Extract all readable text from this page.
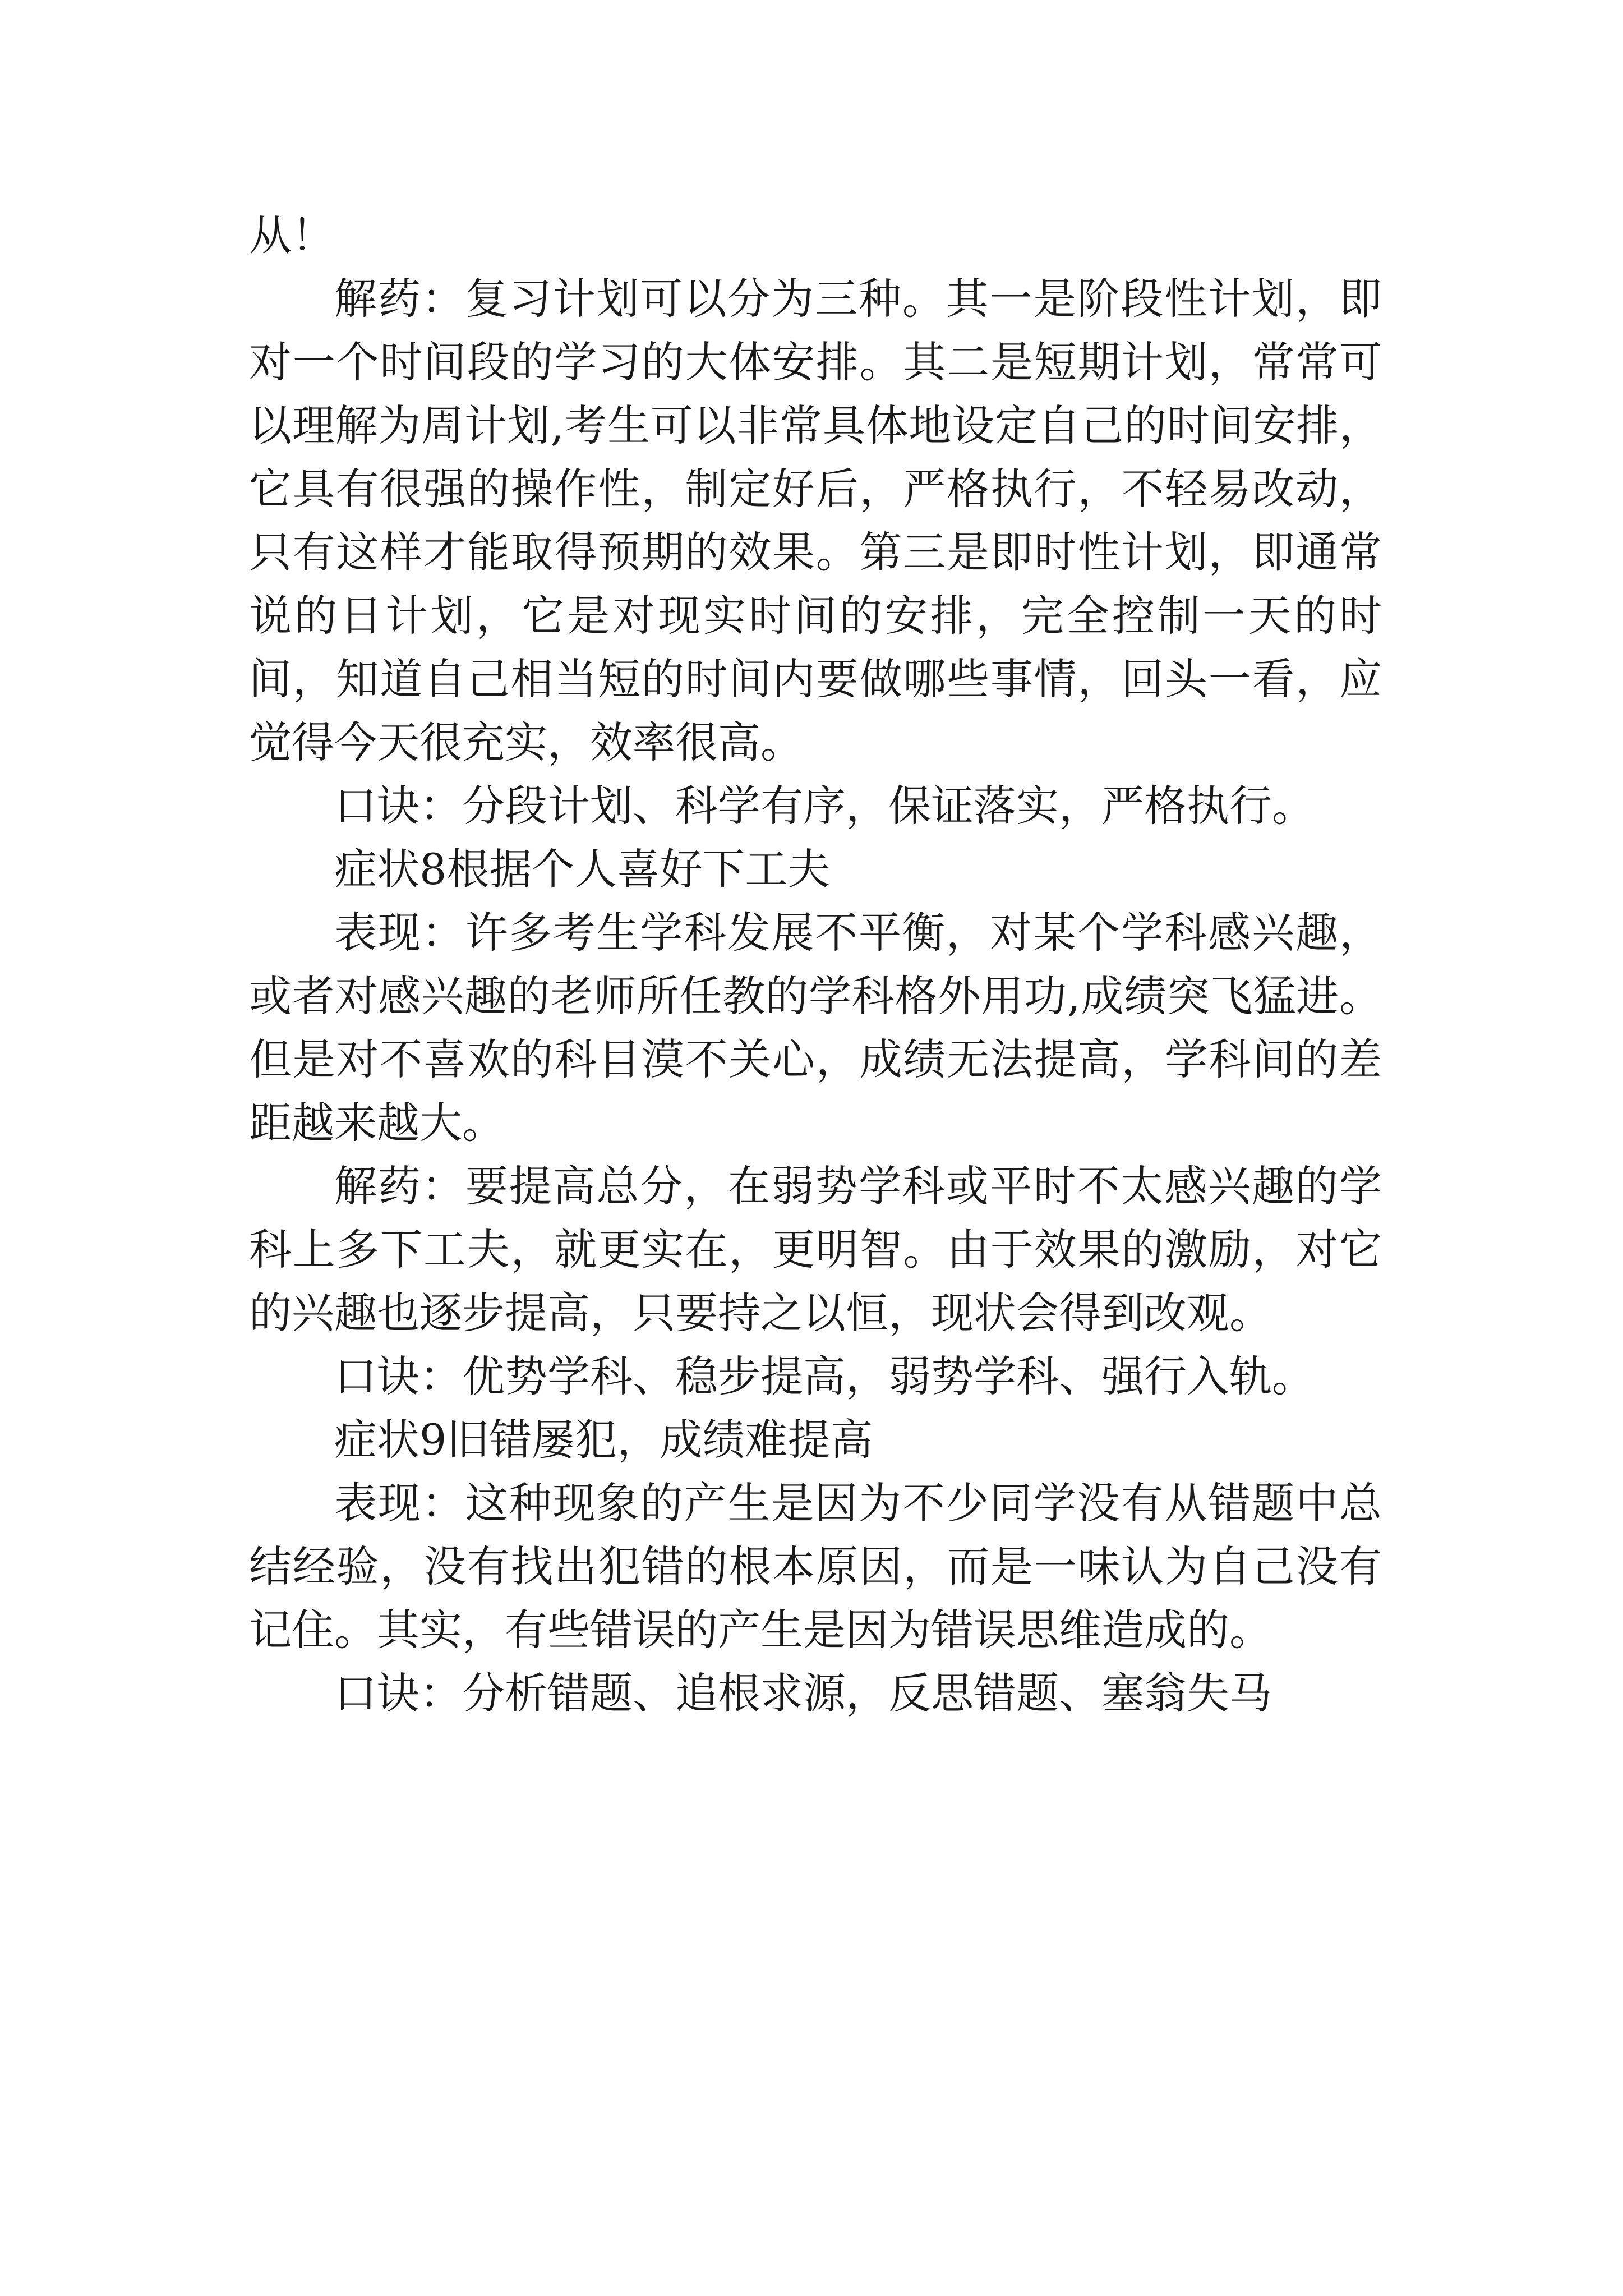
从！

解药：复习计划可以分为三种。其一是阶段性计划，即对一个时间段的学习的大体安排。其二是短期计划，常常可以理解为周计划,考生可以非常具体地设定自己的时间安排，它具有很强的操作性，制定好后，严格执行，不轻易改动，只有这样才能取得预期的效果。第三是即时性计划，即通常说的日计划，它是对现实时间的安排，完全控制一天的时间，知道自己相当短的时间内要做哪些事情，回头一看，应觉得今天很充实，效率很高。

口诀：分段计划、科学有序，保证落实，严格执行。

症状8根据个人喜好下工夫

表现：许多考生学科发展不平衡，对某个学科感兴趣，或者对感兴趣的老师所任教的学科格外用功,成绩突飞猛进。但是对不喜欢的科目漠不关心，成绩无法提高，学科间的差距越来越大。

解药：要提高总分，在弱势学科或平时不太感兴趣的学科上多下工夫，就更实在，更明智。由于效果的激励，对它的兴趣也逐步提高，只要持之以恒，现状会得到改观。

口诀：优势学科、稳步提高，弱势学科、强行入轨。

症状9旧错屡犯，成绩难提高

表现：这种现象的产生是因为不少同学没有从错题中总结经验，没有找出犯错的根本原因，而是一味认为自己没有记住。其实，有些错误的产生是因为错误思维造成的。

口诀：分析错题、追根求源，反思错题、塞翁失马
